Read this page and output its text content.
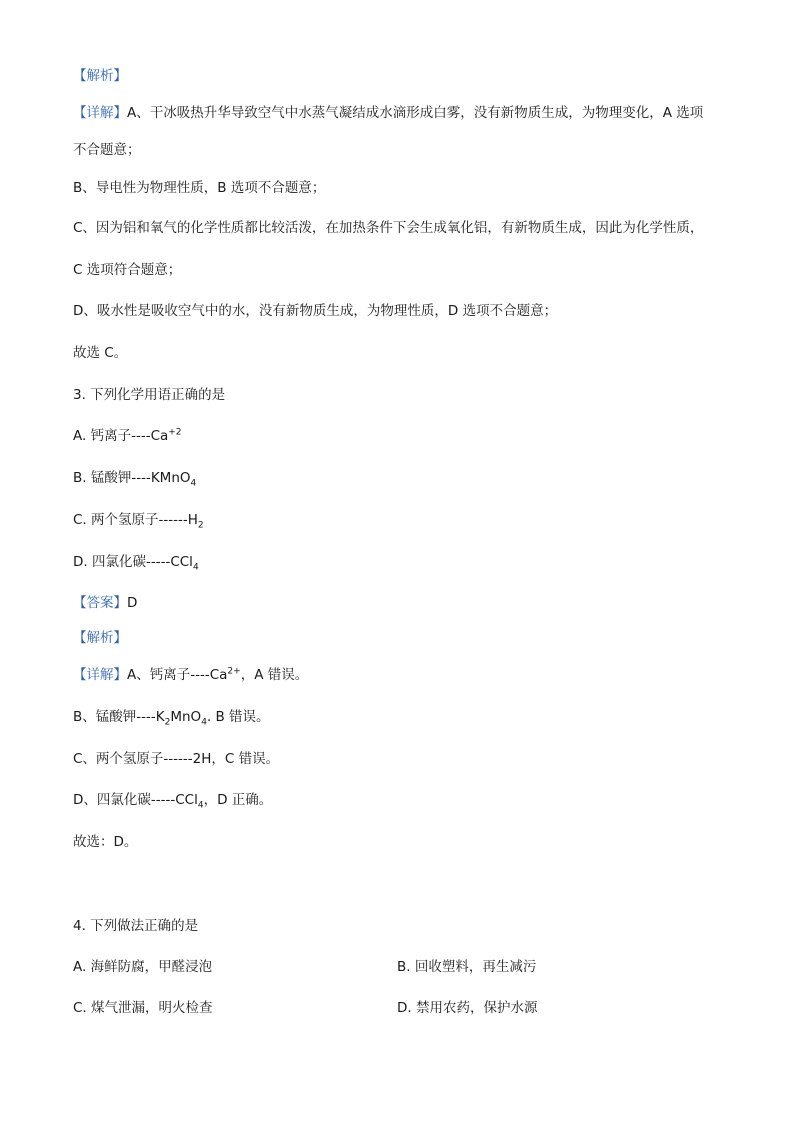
【解析】
【详解】A、干冰吸热升华导致空气中水蒸气凝结成水滴形成白雾，没有新物质生成，为物理变化，A 选项
不合题意；
B、导电性为物理性质，B 选项不合题意；
C、因为铝和氧气的化学性质都比较活泼，在加热条件下会生成氧化铝，有新物质生成，因此为化学性质，
C 选项符合题意；
D、吸水性是吸收空气中的水，没有新物质生成，为物理性质，D 选项不合题意；
故选 C。
3. 下列化学用语正确的是
A. 钙离子$----Ca^{+2}$
B. 锰酸钾----KMnO$_4$
C. 两个氢原子$------H_2$
D. 四氯化碳-----CCl$_4$
【答案】D
【解析】
【详解】A、钙离子$----Ca^{2+}$，A 错误。
B、锰酸钾$----K_2MnO_4$. B 错误。
C、两个氢原子------2H，C 错误。
D、四氯化碳-----CCl$_4$，D 正确。
故选：D。
4. 下列做法正确的是
A. 海鲜防腐，甲醛浸泡	B. 回收塑料，再生减污
C. 煤气泄漏，明火检查	D. 禁用农药，保护水源
